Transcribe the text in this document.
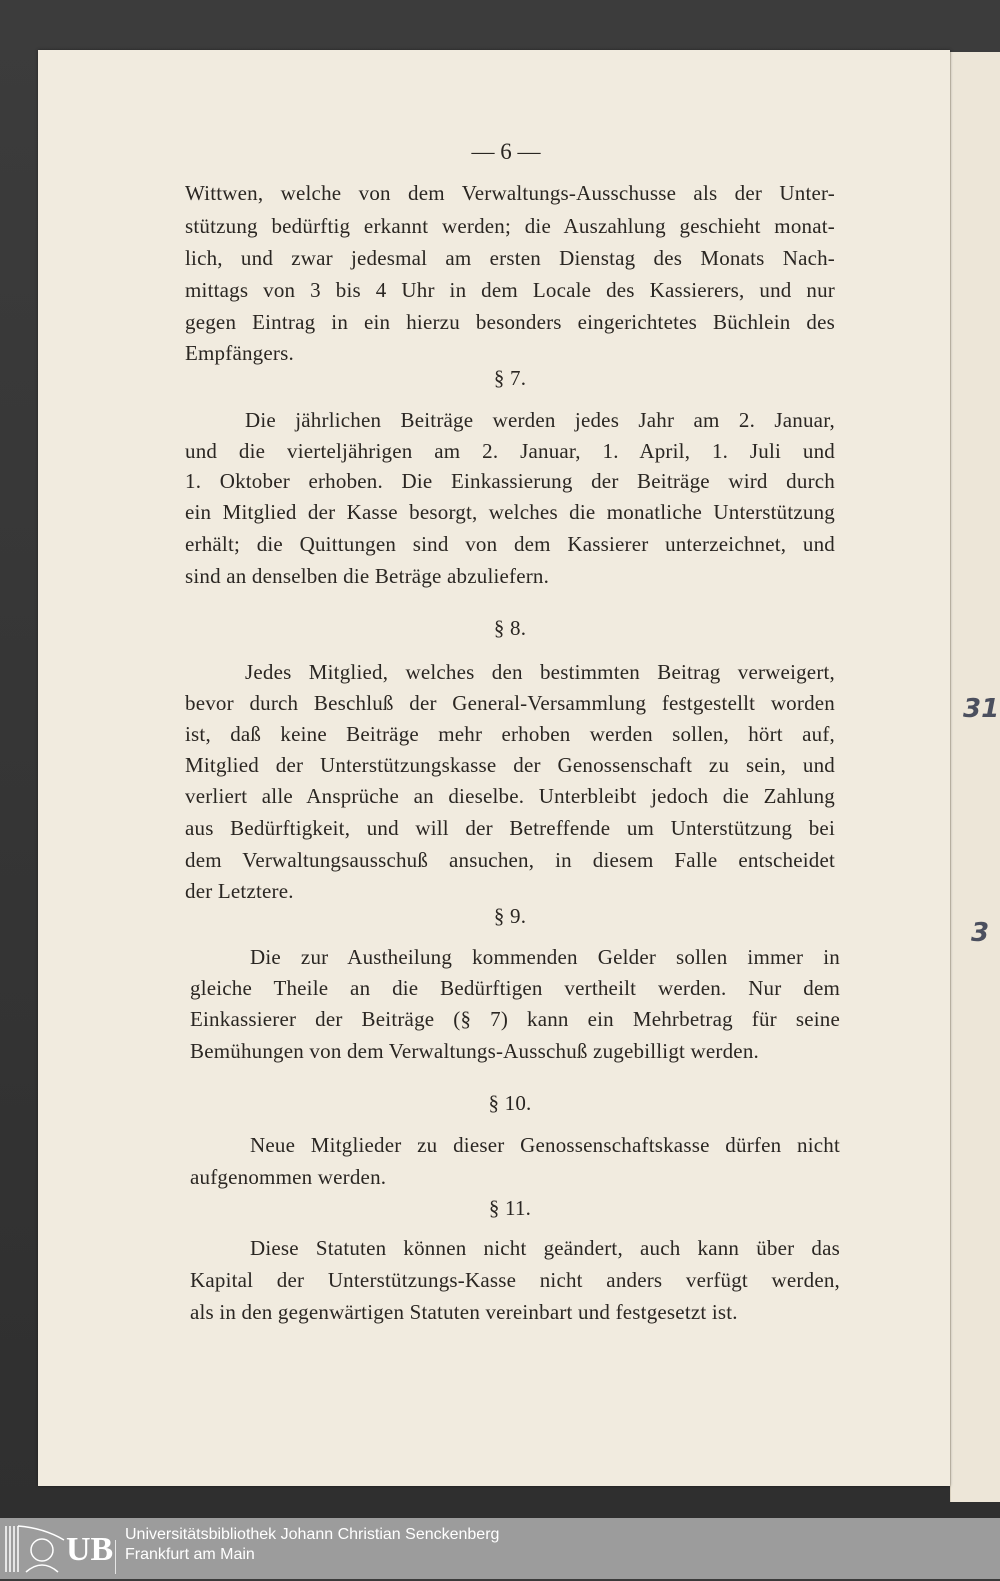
31
3
— 6 —
Wittwen, welche von dem Verwaltungs-Ausschusse als der Unter-
stützung bedürftig erkannt werden; die Auszahlung geschieht monat-
lich, und zwar jedesmal am ersten Dienstag des Monats Nach-
mittags von 3 bis 4 Uhr in dem Locale des Kassierers, und nur
gegen Eintrag in ein hierzu besonders eingerichtetes Büchlein des
Empfängers.
§ 7.
Die jährlichen Beiträge werden jedes Jahr am 2. Januar,
und die vierteljährigen am 2. Januar, 1. April, 1. Juli und
1. Oktober erhoben. Die Einkassierung der Beiträge wird durch
ein Mitglied der Kasse besorgt, welches die monatliche Unterstützung
erhält; die Quittungen sind von dem Kassierer unterzeichnet, und
sind an denselben die Beträge abzuliefern.
§ 8.
Jedes Mitglied, welches den bestimmten Beitrag verweigert,
bevor durch Beschluß der General-Versammlung festgestellt worden
ist, daß keine Beiträge mehr erhoben werden sollen, hört auf,
Mitglied der Unterstützungskasse der Genossenschaft zu sein, und
verliert alle Ansprüche an dieselbe. Unterbleibt jedoch die Zahlung
aus Bedürftigkeit, und will der Betreffende um Unterstützung bei
dem Verwaltungsausschuß ansuchen, in diesem Falle entscheidet
der Letztere.
§ 9.
Die zur Austheilung kommenden Gelder sollen immer in
gleiche Theile an die Bedürftigen vertheilt werden. Nur dem
Einkassierer der Beiträge (§ 7) kann ein Mehrbetrag für seine
Bemühungen von dem Verwaltungs-Ausschuß zugebilligt werden.
§ 10.
Neue Mitglieder zu dieser Genossenschaftskasse dürfen nicht
aufgenommen werden.
§ 11.
Diese Statuten können nicht geändert, auch kann über das
Kapital der Unterstützungs-Kasse nicht anders verfügt werden,
als in den gegenwärtigen Statuten vereinbart und festgesetzt ist.
UB Universitätsbibliothek Johann Christian Senckenberg
Frankfurt am Main
